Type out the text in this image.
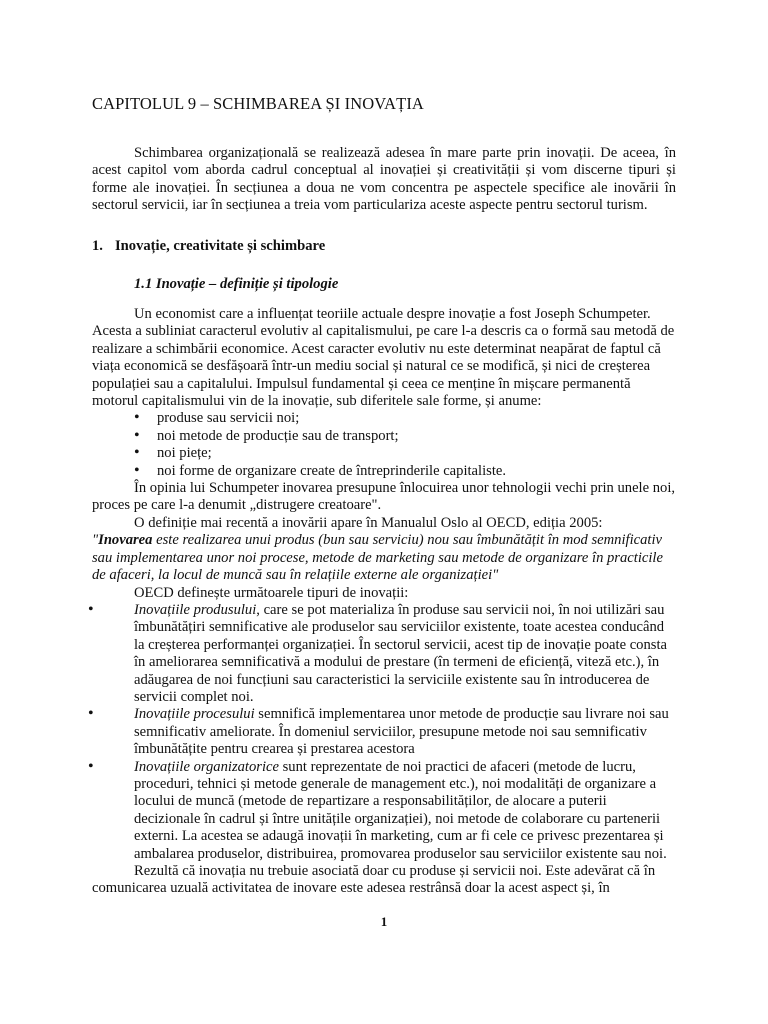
CAPITOLUL 9 – SCHIMBAREA ȘI INOVAȚIA

Schimbarea organizațională se realizează adesea în mare parte prin inovații. De aceea, în acest capitol vom aborda cadrul conceptual al inovației și creativității și vom discerne tipuri și forme ale inovației. În secțiunea a doua ne vom concentra pe aspectele specifice ale inovării în sectorul servicii, iar în secțiunea a treia vom particulariza aceste aspecte pentru sectorul turism.

1. Inovație, creativitate și schimbare
1.1 Inovație – definiție și tipologie

Un economist care a influențat teoriile actuale despre inovație a fost Joseph Schumpeter. Acesta a subliniat caracterul evolutiv al capitalismului, pe care l-a descris ca o formă sau metodă de realizare a schimbării economice. Acest caracter evolutiv nu este determinat neapărat de faptul că viața economică se desfășoară într-un mediu social și natural ce se modifică, și nici de creșterea populației sau a capitalului. Impulsul fundamental și ceea ce menține în mișcare permanentă motorul capitalismului vin de la inovație, sub diferitele sale forme, și anume:

• produse sau servicii noi;
• noi metode de producție sau de transport;
• noi piețe;
• noi forme de organizare create de întreprinderile capitaliste.

În opinia lui Schumpeter inovarea presupune înlocuirea unor tehnologii vechi prin unele noi, proces pe care l-a denumit „distrugere creatoare".

O definiție mai recentă a inovării apare în Manualul Oslo al OECD, ediția 2005:

"Inovarea este realizarea unui produs (bun sau serviciu) nou sau îmbunătățit în mod semnificativ sau implementarea unor noi procese, metode de marketing sau metode de organizare în practicile de afaceri, la locul de muncă sau în relațiile externe ale organizației"

OECD definește următoarele tipuri de inovații:

• Inovațiile produsului, care se pot materializa în produse sau servicii noi, în noi utilizări sau îmbunătățiri semnificative ale produselor sau serviciilor existente, toate acestea conducând la creșterea performanței organizației. În sectorul servicii, acest tip de inovație poate consta în ameliorarea semnificativă a modului de prestare (în termeni de eficiență, viteză etc.), în adăugarea de noi funcțiuni sau caracteristici la serviciile existente sau în introducerea de servicii complet noi.
• Inovațiile procesului semnifică implementarea unor metode de producție sau livrare noi sau semnificativ ameliorate. În domeniul serviciilor, presupune metode noi sau semnificativ îmbunătățite pentru crearea și prestarea acestora
• Inovațiile organizatorice sunt reprezentate de noi practici de afaceri (metode de lucru, proceduri, tehnici și metode generale de management etc.), noi modalități de organizare a locului de muncă (metode de repartizare a responsabilităților, de alocare a puterii decizionale în cadrul și între unitățile organizației), noi metode de colaborare cu partenerii externi. La acestea se adaugă inovații în marketing, cum ar fi cele ce privesc prezentarea și ambalarea produselor, distribuirea, promovarea produselor sau serviciilor existente sau noi.

Rezultă că inovația nu trebuie asociată doar cu produse și servicii noi. Este adevărat că în comunicarea uzuală activitatea de inovare este adesea restrânsă doar la acest aspect și, în

1
